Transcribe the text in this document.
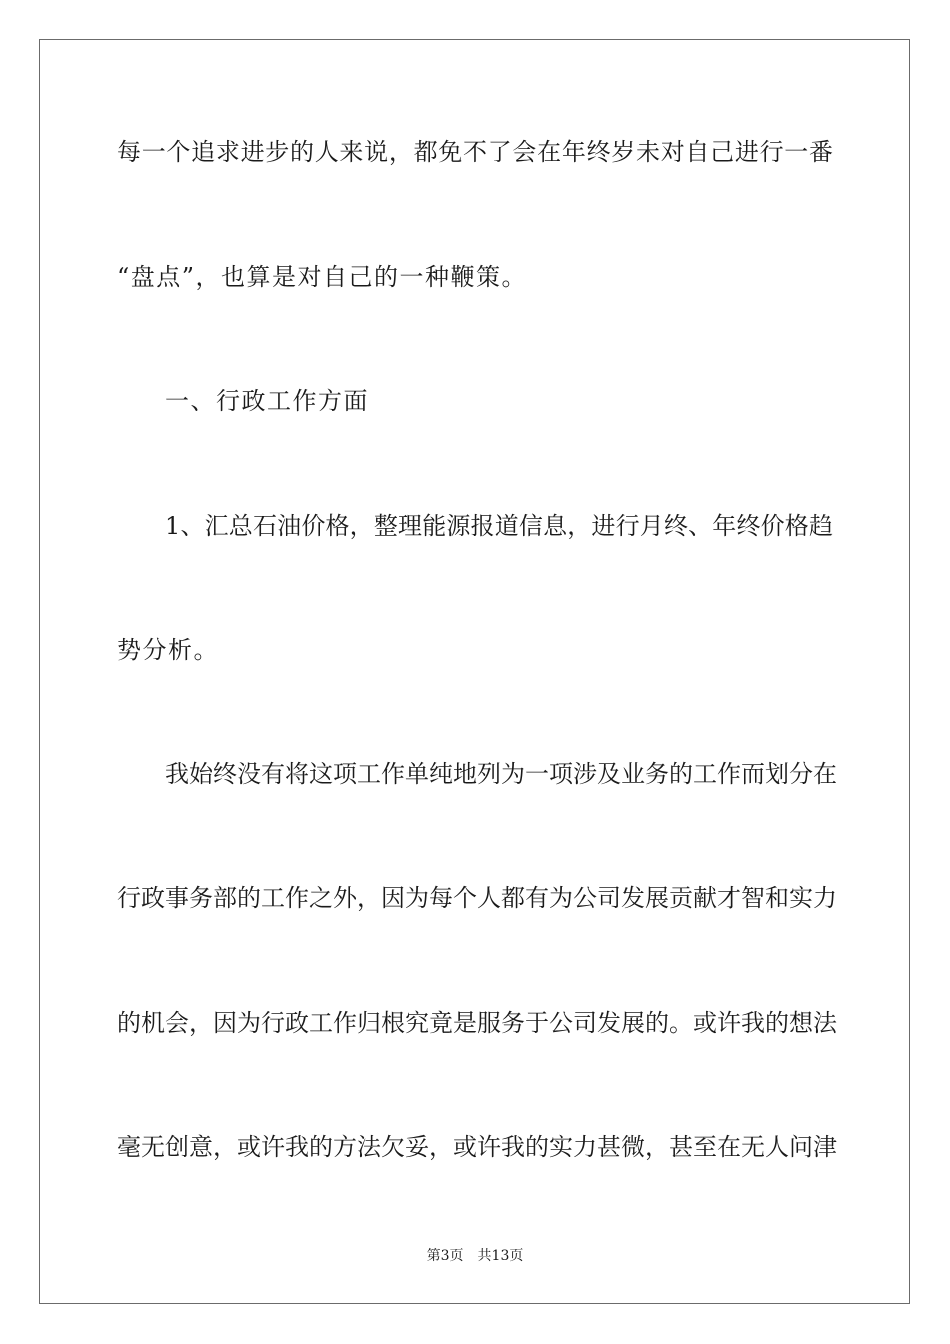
每一个追求进步的人来说，都免不了会在年终岁未对自己进行一番
“盘点”，也算是对自己的一种鞭策。
一、行政工作方面
1、汇总石油价格，整理能源报道信息，进行月终、年终价格趋
势分析。
我始终没有将这项工作单纯地列为一项涉及业务的工作而划分在
行政事务部的工作之外，因为每个人都有为公司发展贡献才智和实力
的机会，因为行政工作归根究竟是服务于公司发展的。或许我的想法
毫无创意，或许我的方法欠妥，或许我的实力甚微，甚至在无人问津
第3页 共13页
